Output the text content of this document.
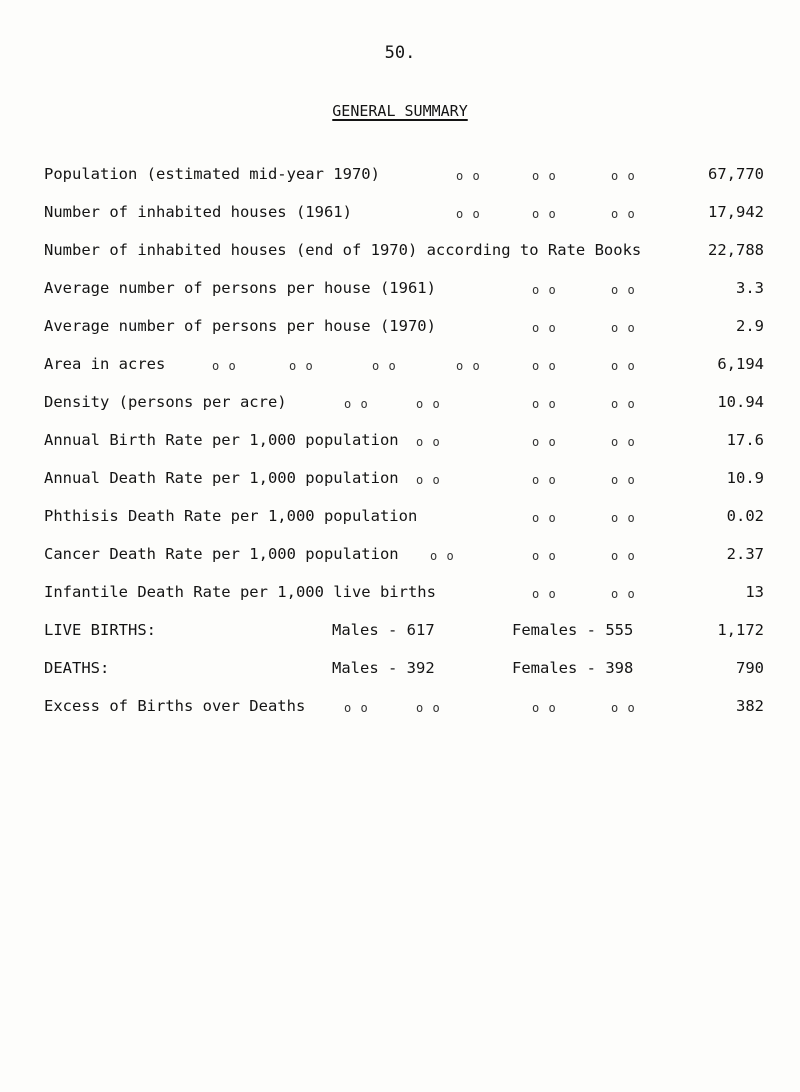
50.
GENERAL SUMMARY
Population (estimated mid-year 1970)	o o	o o	o o	67,770
Number of inhabited houses (1961)	o o	o o	o o	17,942
Number of inhabited houses (end of 1970) according to Rate Books	22,788
Average number of persons per house (1961)	o o	o o	3.3
Average number of persons per house (1970)	o o	o o	2.9
Area in acres	o o	o o	o o	o o	o o	o o	6,194
Density (persons per acre)	o o	o o	o o	o o	10.94
Annual Birth Rate per 1,000 population o o	o o	o o	17.6
Annual Death Rate per 1,000 population o o	o o	o o	10.9
Phthisis Death Rate per 1,000 population	o o	o o	0.02
Cancer Death Rate per 1,000 population	o o	o o	o o	2.37
Infantile Death Rate per 1,000 live births	o o	o o	13
LIVE BIRTHS:	Males - 617	Females - 555	1,172
DEATHS:	Males - 392	Females - 398	790
Excess of Births over Deaths	o o	o o	o o	o o	382
